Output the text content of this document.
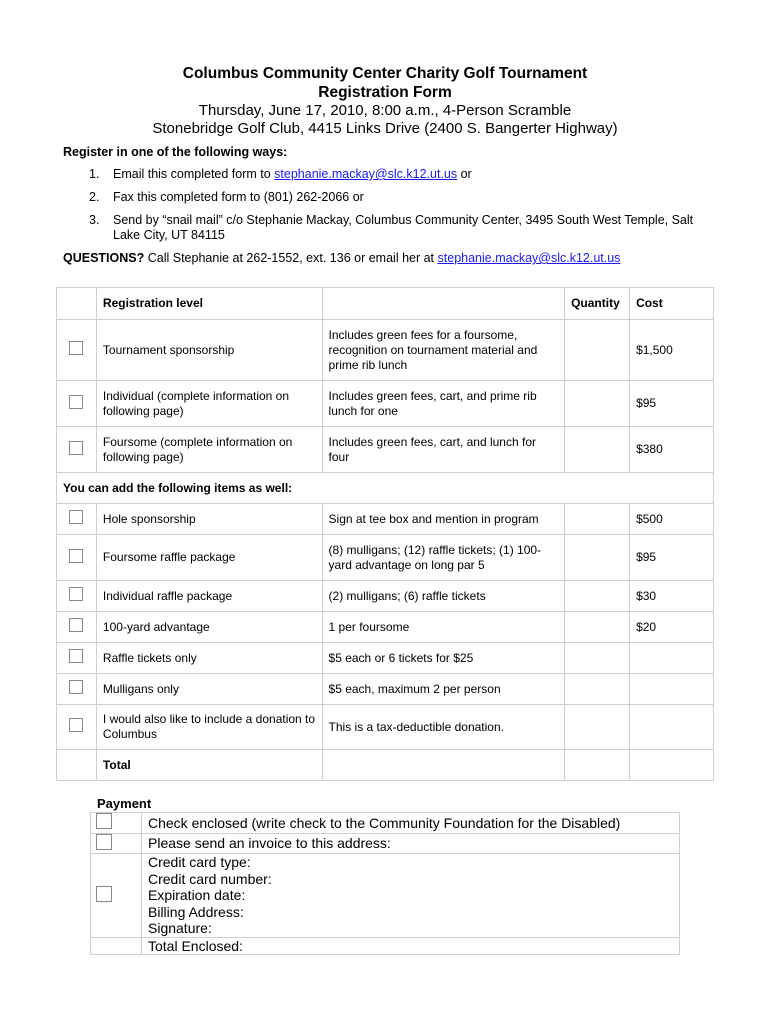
Columbus Community Center Charity Golf Tournament
Registration Form
Thursday, June 17, 2010, 8:00 a.m., 4-Person Scramble
Stonebridge Golf Club, 4415 Links Drive (2400 S. Bangerter Highway)
Register in one of the following ways:
1. Email this completed form to stephanie.mackay@slc.k12.ut.us or
2. Fax this completed form to (801) 262-2066 or
3. Send by “snail mail” c/o Stephanie Mackay, Columbus Community Center, 3495 South West Temple, Salt Lake City, UT 84115
QUESTIONS? Call Stephanie at 262-1552, ext. 136 or email her at stephanie.mackay@slc.k12.ut.us
	Registration level		Quantity	Cost
	Tournament sponsorship	Includes green fees for a foursome, recognition on tournament material and prime rib lunch		$1,500
	Individual (complete information on following page)	Includes green fees, cart, and prime rib lunch for one		$95
	Foursome (complete information on following page)	Includes green fees, cart, and lunch for four		$380
You can add the following items as well:				
	Hole sponsorship	Sign at tee box and mention in program		$500
	Foursome raffle package	(8) mulligans; (12) raffle tickets; (1) 100-yard advantage on long par 5		$95
	Individual raffle package	(2) mulligans; (6) raffle tickets		$30
	100-yard advantage	1 per foursome		$20
	Raffle tickets only	$5 each or 6 tickets for $25		
	Mulligans only	$5 each, maximum 2 per person		
	I would also like to include a donation to Columbus	This is a tax-deductible donation.		
	Total			
Payment
	Check enclosed (write check to the Community Foundation for the Disabled)
	Please send an invoice to this address:

	Credit card type:
Credit card number:
Expiration date:
Billing Address:
Signature:

	Total Enclosed:
